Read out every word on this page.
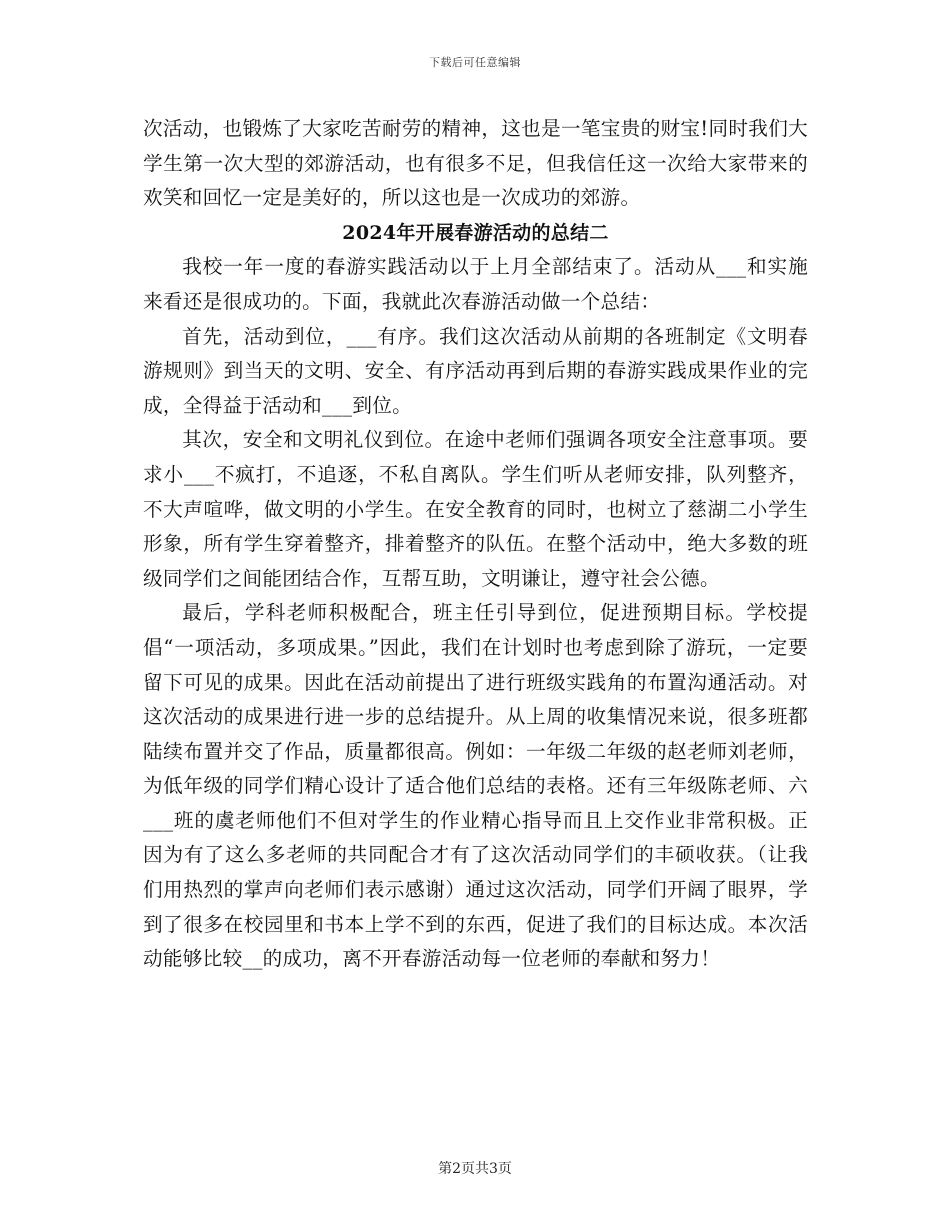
下载后可任意编辑

次活动，也锻炼了大家吃苦耐劳的精神，这也是一笔宝贵的财宝!同时我们大学生第一次大型的郊游活动，也有很多不足，但我信任这一次给大家带来的欢笑和回忆一定是美好的，所以这也是一次成功的郊游。

2024年开展春游活动的总结二

我校一年一度的春游实践活动以于上月全部结束了。活动从___和实施来看还是很成功的。下面，我就此次春游活动做一个总结：

首先，活动到位，___有序。我们这次活动从前期的各班制定《文明春游规则》到当天的文明、安全、有序活动再到后期的春游实践成果作业的完成，全得益于活动和___到位。

其次，安全和文明礼仪到位。在途中老师们强调各项安全注意事项。要求小___不疯打，不追逐，不私自离队。学生们听从老师安排，队列整齐，不大声喧哗，做文明的小学生。在安全教育的同时，也树立了慈湖二小学生形象，所有学生穿着整齐，排着整齐的队伍。在整个活动中，绝大多数的班级同学们之间能团结合作，互帮互助，文明谦让，遵守社会公德。

最后，学科老师积极配合，班主任引导到位，促进预期目标。学校提倡“一项活动，多项成果。”因此，我们在计划时也考虑到除了游玩，一定要留下可见的成果。因此在活动前提出了进行班级实践角的布置沟通活动。对这次活动的成果进行进一步的总结提升。从上周的收集情况来说，很多班都陆续布置并交了作品，质量都很高。例如：一年级二年级的赵老师刘老师，为低年级的同学们精心设计了适合他们总结的表格。还有三年级陈老师、六___班的虞老师他们不但对学生的作业精心指导而且上交作业非常积极。正因为有了这么多老师的共同配合才有了这次活动同学们的丰硕收获。（让我们用热烈的掌声向老师们表示感谢）通过这次活动，同学们开阔了眼界，学到了很多在校园里和书本上学不到的东西，促进了我们的目标达成。本次活动能够比较__的成功，离不开春游活动每一位老师的奉献和努力！

第2页共3页
